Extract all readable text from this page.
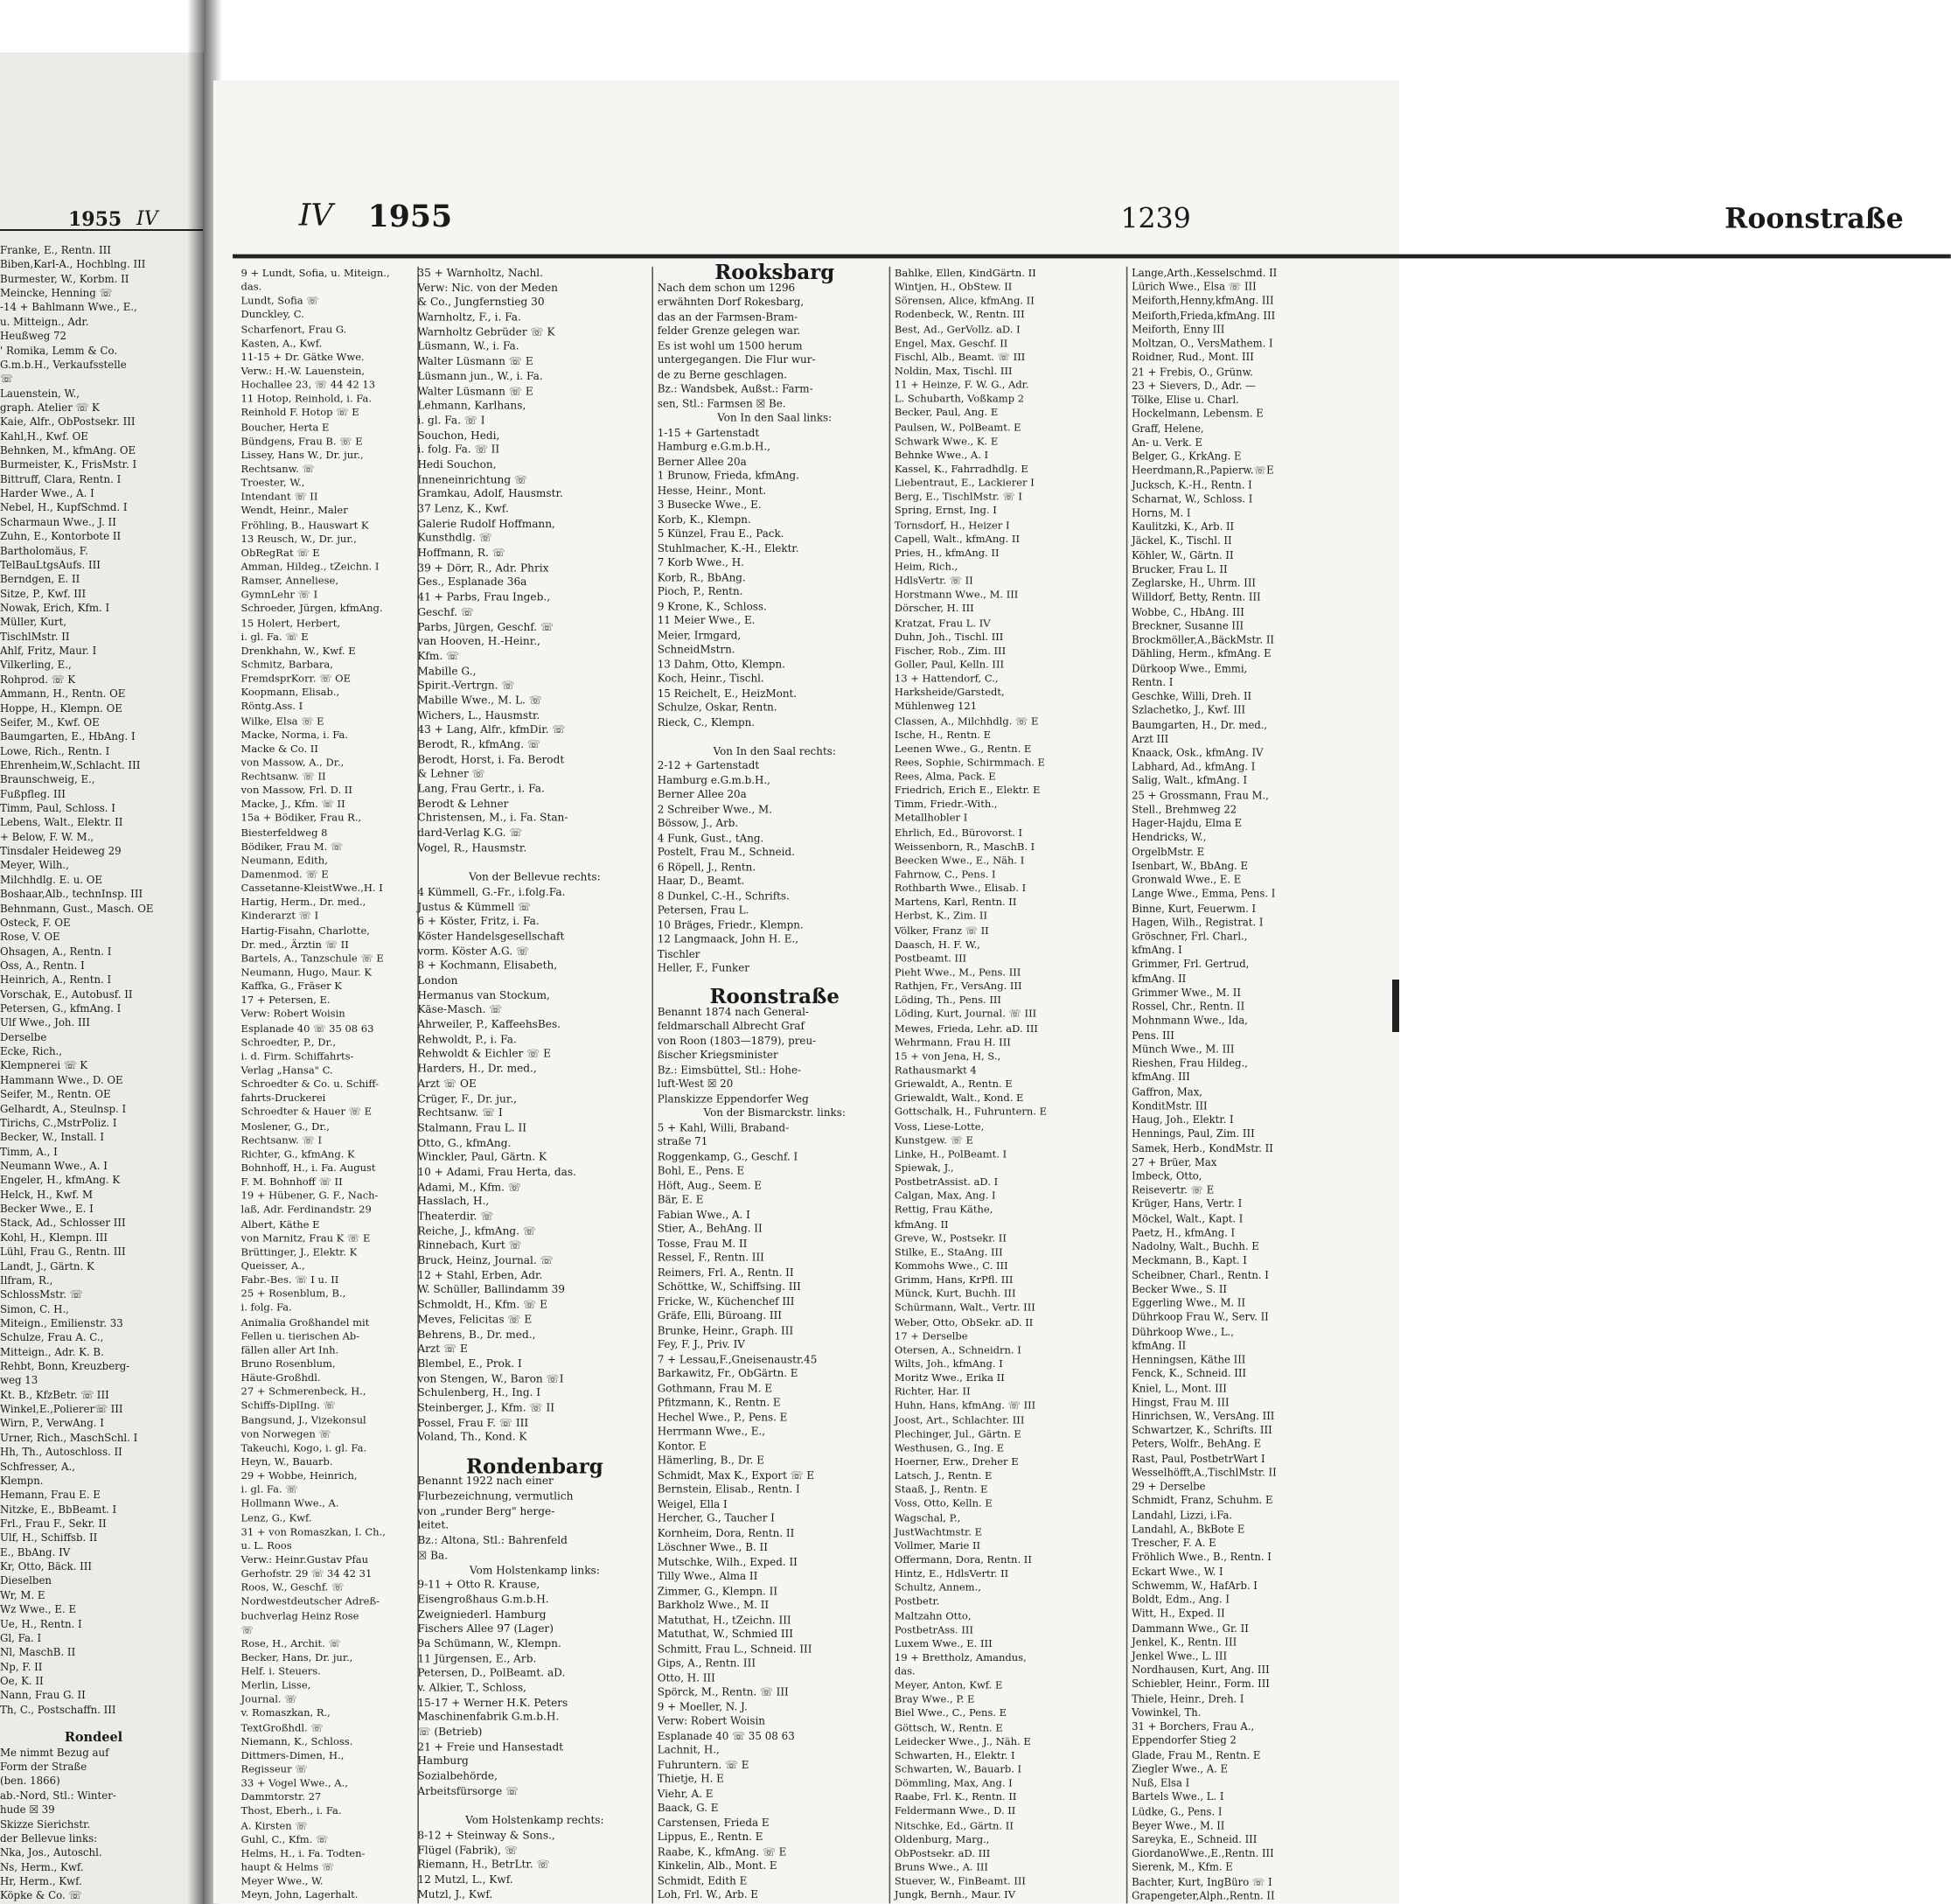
1955 IV
Franke, E., Rentn. III
Biben,Karl-A., Hochblng. III
Burmester, W., Korbm. II
Meincke, Henning ☏
-14 + Bahlmann Wwe., E.,
u. Mitteign., Adr.
Heußweg 72
' Romika, Lemm & Co.
G.m.b.H., Verkaufsstelle
☏
Lauenstein, W.,
graph. Atelier ☏ K
Kaie, Alfr., ObPostsekr. III
Kahl,H., Kwf. OE
Behnken, M., kfmAng. OE
Burmeister, K., FrisMstr. I
Bittruff, Clara, Rentn. I
Harder Wwe., A. I
Nebel, H., KupfSchmd. I
Scharmaun Wwe., J. II
Zuhn, E., Kontorbote II
Bartholomäus, F.
TelBauLtgsAufs. III
Berndgen, E. II
Sitze, P., Kwf. III
Nowak, Erich, Kfm. I
Müller, Kurt,
TischlMstr. II
Ahlf, Fritz, Maur. I
Vilkerling, E.,
Rohprod. ☏ K
Ammann, H., Rentn. OE
Hoppe, H., Klempn. OE
Seifer, M., Kwf. OE
Baumgarten, E., HbAng. I
Lowe, Rich., Rentn. I
Ehrenheim,W.,Schlacht. III
Braunschweig, E.,
Fußpfleg. III
Timm, Paul, Schloss. I
Lebens, Walt., Elektr. II
+ Below, F. W. M.,
Tinsdaler Heideweg 29
Meyer, Wilh.,
Milchhdlg. E. u. OE
Boshaar,Alb., technInsp. III
Behnmann, Gust., Masch. OE
Osteck, F. OE
Rose, V. OE
Ohsagen, A., Rentn. I
Oss, A., Rentn. I
Heinrich, A., Rentn. I
Vorschak, E., Autobusf. II
Petersen, G., kfmAng. I
Ulf Wwe., Joh. III
Derselbe
Ecke, Rich.,
Klempnerei ☏ K
Hammann Wwe., D. OE
Seifer, M., Rentn. OE
Gelhardt, A., Steulnsp. I
Tirichs, C.,MstrPoliz. I
Becker, W., Install. I
Timm, A., I
Neumann Wwe., A. I
Engeler, H., kfmAng. K
Helck, H., Kwf. M
Becker Wwe., E. I
Stack, Ad., Schlosser III
Kohl, H., Klempn. III
Lühl, Frau G., Rentn. III
Landt, J., Gärtn. K
Ilfram, R.,
SchlossMstr. ☏
Simon, C. H.,
Miteign., Emilienstr. 33
Schulze, Frau A. C.,
Mitteign., Adr. K. B.
Rehbt, Bonn, Kreuzberg-
weg 13
Kt. B., KfzBetr. ☏ III
Winkel,E.,Polierer☏ III
Wirn, P., VerwAng. I
Urner, Rich., MaschSchl. I
Hh, Th., Autoschloss. II
Schfresser, A.,
Klempn.
Hemann, Frau E. E
Nitzke, E., BbBeamt. I
Frl., Frau F., Sekr. II
Ulf, H., Schiffsb. II
E., BbAng. IV
Kr, Otto, Bäck. III
Dieselben
Wr, M. E
Wz Wwe., E. E
Ue, H., Rentn. I
Gl, Fa. I
Nl, MaschB. II
Np, F. II
Oe, K. II
Nann, Frau G. II
Th, C., Postschaffn. III
Rondeel
Me nimmt Bezug auf
Form der Straße
(ben. 1866)
ab.-Nord, Stl.: Winter-
hude ☒ 39
Skizze Sierichstr.
der Bellevue links:
Nka, Jos., Autoschl.
Ns, Herm., Kwf.
Hr, Herm., Kwf.
Köpke & Co. ☏
IV 1955	1239	Roonstraße
9 + Lundt, Sofia, u. Miteign.,
das.
Lundt, Sofia ☏
Dunckley, C.
Scharfenort, Frau G.
Kasten, A., Kwf.
11-15 + Dr. Gätke Wwe.
Verw.: H.-W. Lauenstein,
Hochallee 23, ☏ 44 42 13
11 Hotop, Reinhold, i. Fa.
Reinhold F. Hotop ☏ E
Boucher, Herta E
Bündgens, Frau B. ☏ E
Lissey, Hans W., Dr. jur.,
Rechtsanw. ☏
Troester, W.,
Intendant ☏ II
Wendt, Heinr., Maler
Fröhling, B., Hauswart K
13 Reusch, W., Dr. jur.,
ObRegRat ☏ E
Amman, Hildeg., tZeichn. I
Ramser, Anneliese,
GymnLehr ☏ I
Schroeder, Jürgen, kfmAng.
15 Holert, Herbert,
i. gl. Fa. ☏ E
Drenkhahn, W., Kwf. E
Schmitz, Barbara,
FremdsprKorr. ☏ OE
Koopmann, Elisab.,
Röntg.Ass. I
Wilke, Elsa ☏ E
Macke, Norma, i. Fa.
Macke & Co. II
von Massow, A., Dr.,
Rechtsanw. ☏ II
von Massow, Frl. D. II
Macke, J., Kfm. ☏ II
15a + Bödiker, Frau R.,
Biesterfeldweg 8
Bödiker, Frau M. ☏
Neumann, Edith,
Damenmod. ☏ E
Cassetanne-KleistWwe.,H. I
Hartig, Herm., Dr. med.,
Kinderarzt ☏ I
Hartig-Fisahn, Charlotte,
Dr. med., Ärztin ☏ II
Bartels, A., Tanzschule ☏ E
Neumann, Hugo, Maur. K
Kaffka, G., Fräser K
17 + Petersen, E.
Verw: Robert Woisin
Esplanade 40 ☏ 35 08 63
Schroedter, P., Dr.,
i. d. Firm. Schiffahrts-
Verlag „Hansa" C.
Schroedter & Co. u. Schiff-
fahrts-Druckerei
Schroedter & Hauer ☏ E
Moslener, G., Dr.,
Rechtsanw. ☏ I
Richter, G., kfmAng. K
Bohnhoff, H., i. Fa. August
F. M. Bohnhoff ☏ II
19 + Hübener, G. F., Nach-
laß, Adr. Ferdinandstr. 29
Albert, Käthe E
von Marnitz, Frau K ☏ E
Brüttinger, J., Elektr. K
Queisser, A.,
Fabr.-Bes. ☏ I u. II
25 + Rosenblum, B.,
i. folg. Fa.
Animalia Großhandel mit
Fellen u. tierischen Ab-
fällen aller Art Inh.
Bruno Rosenblum,
Häute-Großhdl.
27 + Schmerenbeck, H.,
Schiffs-DiplIng. ☏
Bangsund, J., Vizekonsul
von Norwegen ☏
Takeuchi, Kogo, i. gl. Fa.
Heyn, W., Bauarb.
29 + Wobbe, Heinrich,
i. gl. Fa. ☏
Hollmann Wwe., A.
Lenz, G., Kwf.
31 + von Romaszkan, I. Ch.,
u. L. Roos
Verw.: Heinr.Gustav Pfau
Gerhofstr. 29 ☏ 34 42 31
Roos, W., Geschf. ☏
Nordwestdeutscher Adreß-
buchverlag Heinz Rose
☏
Rose, H., Archit. ☏
Becker, Hans, Dr. jur.,
Helf. i. Steuers.
Merlin, Lisse,
Journal. ☏
v. Romaszkan, R.,
TextGroßhdl. ☏
Niemann, K., Schloss.
Dittmers-Dimen, H.,
Regisseur ☏
33 + Vogel Wwe., A.,
Dammtorstr. 27
Thost, Eberh., i. Fa.
A. Kirsten ☏
Guhl, C., Kfm. ☏
Helms, H., i. Fa. Todten-
haupt & Helms ☏
Meyer Wwe., W.
Meyn, John, Lagerhalt.
35 + Warnholtz, Nachl.
Verw: Nic. von der Meden
& Co., Jungfernstieg 30
Warnholtz, F., i. Fa.
Warnholtz Gebrüder ☏ K
Lüsmann, W., i. Fa.
Walter Lüsmann ☏ E
Lüsmann jun., W., i. Fa.
Walter Lüsmann ☏ E
Lehmann, Karlhans,
i. gl. Fa. ☏ I
Souchon, Hedi,
i. folg. Fa. ☏ II
Hedi Souchon,
Inneneinrichtung ☏
Gramkau, Adolf, Hausmstr.
37 Lenz, K., Kwf.
Galerie Rudolf Hoffmann,
Kunsthdlg. ☏
Hoffmann, R. ☏
39 + Dörr, R., Adr. Phrix
Ges., Esplanade 36a
41 + Parbs, Frau Ingeb.,
Geschf. ☏
Parbs, Jürgen, Geschf. ☏
van Hooven, H.-Heinr.,
Kfm. ☏
Mabille G.,
Spirit.-Vertrgn. ☏
Mabille Wwe., M. L. ☏
Wichers, L., Hausmstr.
43 + Lang, Alfr., kfmDir. ☏
Berodt, R., kfmAng. ☏
Berodt, Horst, i. Fa. Berodt
& Lehner ☏
Lang, Frau Gertr., i. Fa.
Berodt & Lehner
Christensen, M., i. Fa. Stan-
dard-Verlag K.G. ☏
Vogel, R., Hausmstr.
Von der Bellevue rechts:
4 Kümmell, G.-Fr., i.folg.Fa.
Justus & Kümmell ☏
6 + Köster, Fritz, i. Fa.
Köster Handelsgesellschaft
vorm. Köster A.G. ☏
8 + Kochmann, Elisabeth,
London
Hermanus van Stockum,
Käse-Masch. ☏
Ahrweiler, P., KaffeehsBes.
Rehwoldt, P., i. Fa.
Rehwoldt & Eichler ☏ E
Harders, H., Dr. med.,
Arzt ☏ OE
Crüger, F., Dr. jur.,
Rechtsanw. ☏ I
Stalmann, Frau L. II
Otto, G., kfmAng.
Winckler, Paul, Gärtn. K
10 + Adami, Frau Herta, das.
Adami, M., Kfm. ☏
Hasslach, H.,
Theaterdir. ☏
Reiche, J., kfmAng. ☏
Rinnebach, Kurt ☏
Bruck, Heinz, Journal. ☏
12 + Stahl, Erben, Adr.
W. Schüller, Ballindamm 39
Schmoldt, H., Kfm. ☏ E
Meves, Felicitas ☏ E
Behrens, B., Dr. med.,
Arzt ☏ E
Blembel, E., Prok. I
von Stengen, W., Baron ☏I
Schulenberg, H., Ing. I
Steinberger, J., Kfm. ☏ II
Possel, Frau F. ☏ III
Voland, Th., Kond. K
Rondenbarg
Benannt 1922 nach einer
Flurbezeichnung, vermutlich
von „runder Berg" herge-
leitet.
Bz.: Altona, Stl.: Bahrenfeld
☒ Ba.
Vom Holstenkamp links:
9-11 + Otto R. Krause,
Eisengroßhaus G.m.b.H.
Zweigniederl. Hamburg
Fischers Allee 97 (Lager)
9a Schümann, W., Klempn.
11 Jürgensen, E., Arb.
Petersen, D., PolBeamt. aD.
v. Alkier, T., Schloss,
15-17 + Werner H.K. Peters
Maschinenfabrik G.m.b.H.
☏ (Betrieb)
21 + Freie und Hansestadt
Hamburg
Sozialbehörde,
Arbeitsfürsorge ☏
Vom Holstenkamp rechts:
8-12 + Steinway & Sons.,
Flügel (Fabrik), ☏
Riemann, H., BetrLtr. ☏
12 Mutzl, L., Kwf.
Mutzl, J., Kwf.
Rooksbarg
Nach dem schon um 1296
erwähnten Dorf Rokesbarg,
das an der Farmsen-Bram-
felder Grenze gelegen war.
Es ist wohl um 1500 herum
untergegangen. Die Flur wur-
de zu Berne geschlagen.
Bz.: Wandsbek, Außst.: Farm-
sen, Stl.: Farmsen ☒ Be.
Von In den Saal links:
1-15 + Gartenstadt
Hamburg e.G.m.b.H.,
Berner Allee 20a
1 Brunow, Frieda, kfmAng.
Hesse, Heinr., Mont.
3 Busecke Wwe., E.
Korb, K., Klempn.
5 Künzel, Frau E., Pack.
Stuhlmacher, K.-H., Elektr.
7 Korb Wwe., H.
Korb, R., BbAng.
Pioch, P., Rentn.
9 Krone, K., Schloss.
11 Meier Wwe., E.
Meier, Irmgard,
SchneidMstrn.
13 Dahm, Otto, Klempn.
Koch, Heinr., Tischl.
15 Reichelt, E., HeizMont.
Schulze, Oskar, Rentn.
Rieck, C., Klempn.
Von In den Saal rechts:
2-12 + Gartenstadt
Hamburg e.G.m.b.H.,
Berner Allee 20a
2 Schreiber Wwe., M.
Bössow, J., Arb.
4 Funk, Gust., tAng.
Postelt, Frau M., Schneid.
6 Röpell, J., Rentn.
Haar, D., Beamt.
8 Dunkel, C.-H., Schrifts.
Petersen, Frau L.
10 Bräges, Friedr., Klempn.
12 Langmaack, John H. E.,
Tischler
Heller, F., Funker
Roonstraße
Benannt 1874 nach General-
feldmarschall Albrecht Graf
von Roon (1803—1879), preu-
ßischer Kriegsminister
Bz.: Eimsbüttel, Stl.: Hohe-
luft-West ☒ 20
Planskizze Eppendorfer Weg
Von der Bismarckstr. links:
5 + Kahl, Willi, Braband-
straße 71
Roggenkamp, G., Geschf. I
Bohl, E., Pens. E
Höft, Aug., Seem. E
Bär, E. E
Fabian Wwe., A. I
Stier, A., BehAng. II
Tosse, Frau M. II
Ressel, F., Rentn. III
Reimers, Frl. A., Rentn. II
Schöttke, W., Schiffsing. III
Fricke, W., Küchenchef III
Gräfe, Elli, Büroang. III
Brunke, Heinr., Graph. III
Fey, F. J., Priv. IV
7 + Lessau,F.,Gneisenaustr.45
Barkawitz, Fr., ObGärtn. E
Gothmann, Frau M. E
Pfitzmann, K., Rentn. E
Hechel Wwe., P., Pens. E
Herrmann Wwe., E.,
Kontor. E
Hämerling, B., Dr. E
Schmidt, Max K., Export ☏ E
Bernstein, Elisab., Rentn. I
Weigel, Ella I
Hercher, G., Taucher I
Kornheim, Dora, Rentn. II
Löschner Wwe., B. II
Mutschke, Wilh., Exped. II
Tilly Wwe., Alma II
Zimmer, G., Klempn. II
Barkholz Wwe., M. II
Matuthat, H., tZeichn. III
Matuthat, W., Schmied III
Schmitt, Frau L., Schneid. III
Gips, A., Rentn. III
Otto, H. III
Spörck, M., Rentn. ☏ III
9 + Moeller, N. J.
Verw: Robert Woisin
Esplanade 40 ☏ 35 08 63
Lachnit, H.,
Fuhruntern. ☏ E
Thietje, H. E
Viehr, A. E
Baack, G. E
Carstensen, Frieda E
Lippus, E., Rentn. E
Raabe, K., kfmAng. ☏ E
Kinkelin, Alb., Mont. E
Schmidt, Edith E
Loh, Frl. W., Arb. E
Bahlke, Ellen, KindGärtn. II
Wintjen, H., ObStew. II
Sörensen, Alice, kfmAng. II
Rodenbeck, W., Rentn. III
Best, Ad., GerVollz. aD. I
Engel, Max, Geschf. II
Fischl, Alb., Beamt. ☏ III
Noldin, Max, Tischl. III
11 + Heinze, F. W. G., Adr.
L. Schubarth, Voßkamp 2
Becker, Paul, Ang. E
Paulsen, W., PolBeamt. E
Schwark Wwe., K. E
Behnke Wwe., A. I
Kassel, K., Fahrradhdlg. E
Liebentraut, E., Lackierer I
Berg, E., TischlMstr. ☏ I
Spring, Ernst, Ing. I
Tornsdorf, H., Heizer I
Capell, Walt., kfmAng. II
Pries, H., kfmAng. II
Heim, Rich.,
HdlsVertr. ☏ II
Horstmann Wwe., M. III
Dörscher, H. III
Kratzat, Frau L. IV
Duhn, Joh., Tischl. III
Fischer, Rob., Zim. III
Goller, Paul, Kelln. III
13 + Hattendorf, C.,
Harksheide/Garstedt,
Mühlenweg 121
Classen, A., Milchhdlg. ☏ E
Ische, H., Rentn. E
Leenen Wwe., G., Rentn. E
Rees, Sophie, Schirmmach. E
Rees, Alma, Pack. E
Friedrich, Erich E., Elektr. E
Timm, Friedr.-With.,
Metallhobler I
Ehrlich, Ed., Bürovorst. I
Weissenborn, R., MaschB. I
Beecken Wwe., E., Näh. I
Fahrnow, C., Pens. I
Rothbarth Wwe., Elisab. I
Martens, Karl, Rentn. II
Herbst, K., Zim. II
Völker, Franz ☏ II
Daasch, H. F. W.,
Postbeamt. III
Pieht Wwe., M., Pens. III
Rathjen, Fr., VersAng. III
Löding, Th., Pens. III
Löding, Kurt, Journal. ☏ III
Mewes, Frieda, Lehr. aD. III
Wehrmann, Frau H. III
15 + von Jena, H, S.,
Rathausmarkt 4
Griewaldt, A., Rentn. E
Griewaldt, Walt., Kond. E
Gottschalk, H., Fuhruntern. E
Voss, Liese-Lotte,
Kunstgew. ☏ E
Linke, H., PolBeamt. I
Spiewak, J.,
PostbetrAssist. aD. I
Calgan, Max, Ang. I
Rettig, Frau Käthe,
kfmAng. II
Greve, W., Postsekr. II
Stilke, E., StaAng. III
Kommohs Wwe., C. III
Grimm, Hans, KrPfl. III
Münck, Kurt, Buchh. III
Schürmann, Walt., Vertr. III
Weber, Otto, ObSekr. aD. II
17 + Derselbe
Otersen, A., Schneidrn. I
Wilts, Joh., kfmAng. I
Moritz Wwe., Erika II
Richter, Har. II
Huhn, Hans, kfmAng. ☏ III
Joost, Art., Schlachter. III
Plechinger, Jul., Gärtn. E
Westhusen, G., Ing. E
Hoerner, Erw., Dreher E
Latsch, J., Rentn. E
Staaß, J., Rentn. E
Voss, Otto, Kelln. E
Wagschal, P.,
JustWachtmstr. E
Vollmer, Marie II
Offermann, Dora, Rentn. II
Hintz, E., HdlsVertr. II
Schultz, Annem.,
Postbetr.
Maltzahn Otto,
PostbetrAss. III
Luxem Wwe., E. III
19 + Brettholz, Amandus,
das.
Meyer, Anton, Kwf. E
Bray Wwe., P. E
Biel Wwe., C., Pens. E
Göttsch, W., Rentn. E
Leidecker Wwe., J., Näh. E
Schwarten, H., Elektr. I
Schwarten, W., Bauarb. I
Dömmling, Max, Ang. I
Raabe, Frl. K., Rentn. II
Feldermann Wwe., D. II
Nitschke, Ed., Gärtn. II
Oldenburg, Marg.,
ObPostsekr. aD. III
Bruns Wwe., A. III
Stuever, W., FinBeamt. III
Jungk, Bernh., Maur. IV
Lange,Arth.,Kesselschmd. II
Lürich Wwe., Elsa ☏ III
Meiforth,Henny,kfmAng. III
Meiforth,Frieda,kfmAng. III
Meiforth, Enny III
Moltzan, O., VersMathem. I
Roidner, Rud., Mont. III
21 + Frebis, O., Grünw.
23 + Sievers, D., Adr. —
Tölke, Elise u. Charl.
Hockelmann, Lebensm. E
Graff, Helene,
An- u. Verk. E
Belger, G., KrkAng. E
Heerdmann,R.,Papierw.☏E
Jucksch, K.-H., Rentn. I
Scharnat, W., Schloss. I
Horns, M. I
Kaulitzki, K., Arb. II
Jäckel, K., Tischl. II
Köhler, W., Gärtn. II
Brucker, Frau L. II
Zeglarske, H., Uhrm. III
Willdorf, Betty, Rentn. III
Wobbe, C., HbAng. III
Breckner, Susanne III
Brockmöller,A.,BäckMstr. II
Dähling, Herm., kfmAng. E
Dürkoop Wwe., Emmi,
Rentn. I
Geschke, Willi, Dreh. II
Szlachetko, J., Kwf. III
Baumgarten, H., Dr. med.,
Arzt III
Knaack, Osk., kfmAng. IV
Labhard, Ad., kfmAng. I
Salig, Walt., kfmAng. I
25 + Grossmann, Frau M.,
Stell., Brehmweg 22
Hager-Hajdu, Elma E
Hendricks, W.,
OrgelbMstr. E
Isenbart, W., BbAng. E
Gronwald Wwe., E. E
Lange Wwe., Emma, Pens. I
Binne, Kurt, Feuerwm. I
Hagen, Wilh., Registrat. I
Gröschner, Frl. Charl.,
kfmAng. I
Grimmer, Frl. Gertrud,
kfmAng. II
Grimmer Wwe., M. II
Rossel, Chr., Rentn. II
Mohnmann Wwe., Ida,
Pens. III
Münch Wwe., M. III
Rieshen, Frau Hildeg.,
kfmAng. III
Gaffron, Max,
KonditMstr. III
Haug, Joh., Elektr. I
Hennings, Paul, Zim. III
Samek, Herb., KondMstr. II
27 + Brüer, Max
Imbeck, Otto,
Reisevertr. ☏ E
Krüger, Hans, Vertr. I
Möckel, Walt., Kapt. I
Paetz, H., kfmAng. I
Nadolny, Walt., Buchh. E
Meckmann, B., Kapt. I
Scheibner, Charl., Rentn. I
Becker Wwe., S. II
Eggerling Wwe., M. II
Dührkoop Frau W., Serv. II
Dührkoop Wwe., L.,
kfmAng. II
Henningsen, Käthe III
Fenck, K., Schneid. III
Kniel, L., Mont. III
Hingst, Frau M. III
Hinrichsen, W., VersAng. III
Schwartzer, K., Schrifts. III
Peters, Wolfr., BehAng. E
Rast, Paul, PostbetrWart I
Wesselhöfft,A.,TischlMstr. II
29 + Derselbe
Schmidt, Franz, Schuhm. E
Landahl, Lizzi, i.Fa.
Landahl, A., BkBote E
Trescher, F. A. E
Fröhlich Wwe., B., Rentn. I
Eckart Wwe., W. I
Schwemm, W., HafArb. I
Boldt, Edm., Ang. I
Witt, H., Exped. II
Dammann Wwe., Gr. II
Jenkel, K., Rentn. III
Jenkel Wwe., L. III
Nordhausen, Kurt, Ang. III
Schiebler, Heinr., Form. III
Thiele, Heinr., Dreh. I
Vowinkel, Th.
31 + Borchers, Frau A.,
Eppendorfer Stieg 2
Glade, Frau M., Rentn. E
Ziegler Wwe., A. E
Nuß, Elsa I
Bartels Wwe., L. I
Lüdke, G., Pens. I
Beyer Wwe., M. II
Sareyka, E., Schneid. III
GiordanoWwe.,E.,Rentn. III
Sierenk, M., Kfm. E
Bachter, Kurt, IngBüro ☏ I
Grapengeter,Alph.,Rentn. II
